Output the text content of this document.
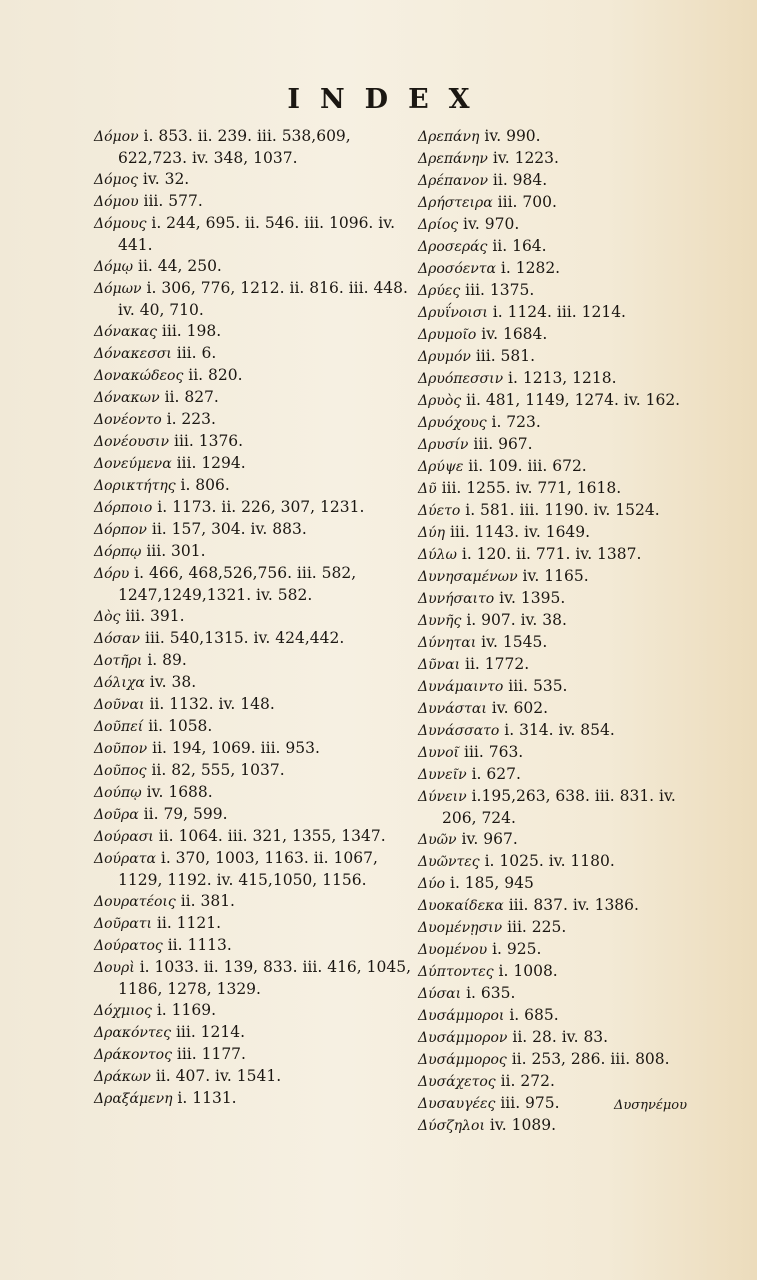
INDEX
Δόμον i. 853. ii. 239. iii. 538,609, 622,723. iv. 348, 1037.
Δόμος iv. 32.
Δόμου iii. 577.
Δόμους i. 244, 695. ii. 546. iii. 1096. iv. 441.
Δόμῳ ii. 44, 250.
Δόμων i. 306, 776, 1212. ii. 816. iii. 448. iv. 40, 710.
Δόνακας iii. 198.
Δόνακεσσι iii. 6.
Δονακώδεος ii. 820.
Δόνακων ii. 827.
Δονέοντο i. 223.
Δονέουσιν iii. 1376.
Δονεύμενα iii. 1294.
Δορικτήτης i. 806.
Δόρποιο i. 1173. ii. 226, 307, 1231.
Δόρπον ii. 157, 304. iv. 883.
Δόρπῳ iii. 301.
Δόρυ i. 466, 468,526,756. iii. 582, 1247,1249,1321. iv. 582.
Δὸς iii. 391.
Δόσαν iii. 540,1315. iv. 424,442.
Δοτῆρι i. 89.
Δόλιχα iv. 38.
Δοῦναι ii. 1132. iv. 148.
Δοῦπεί ii. 1058.
Δοῦπον ii. 194, 1069. iii. 953.
Δοῦπος ii. 82, 555, 1037.
Δούπῳ iv. 1688.
Δοῦρα ii. 79, 599.
Δούρασι ii. 1064. iii. 321, 1355, 1347.
Δούρατα i. 370, 1003, 1163. ii. 1067, 1129, 1192. iv. 415,1050, 1156.
Δουρατέοις ii. 381.
Δοῦρατι ii. 1121.
Δούρατος ii. 1113.
Δουρὶ i. 1033. ii. 139, 833. iii. 416, 1045, 1186, 1278, 1329.
Δόχμιος i. 1169.
Δρακόντες iii. 1214.
Δράκοντος iii. 1177.
Δράκων ii. 407. iv. 1541.
Δραξάμενη i. 1131.
Δρεπάνη iv. 990.
Δρεπάνην iv. 1223.
Δρέπανον ii. 984.
Δρήστειρα iii. 700.
Δρίος iv. 970.
Δροσεράς ii. 164.
Δροσόεντα i. 1282.
Δρύες iii. 1375.
Δρυΐνοισι i. 1124. iii. 1214.
Δρυμοῖο iv. 1684.
Δρυμόν iii. 581.
Δρυόπεσσιν i. 1213, 1218.
Δρυὸς ii. 481, 1149, 1274. iv. 162.
Δρυόχους i. 723.
Δρυσίν iii. 967.
Δρύψε ii. 109. iii. 672.
Δῦ iii. 1255. iv. 771, 1618.
Δύετο i. 581. iii. 1190. iv. 1524.
Δύη iii. 1143. iv. 1649.
Δύλω i. 120. ii. 771. iv. 1387.
Δυνησαμένων iv. 1165.
Δυνήσαιτο iv. 1395.
Δυνῆς i. 907. iv. 38.
Δύνηται iv. 1545.
Δῦναι ii. 1772.
Δυνάμαιντο iii. 535.
Δυνάσται iv. 602.
Δυνάσσατο i. 314. iv. 854.
Δυνοῖ iii. 763.
Δυνεῖν i. 627.
Δύνειν i.195,263, 638. iii. 831. iv. 206, 724.
Δυῶν iv. 967.
Δυῶντες i. 1025. iv. 1180.
Δύο i. 185, 945
Δυοκαίδεκα iii. 837. iv. 1386.
Δυομένῃσιν iii. 225.
Δυομένου i. 925.
Δύπτοντες i. 1008.
Δύσαι i. 635.
Δυσάμμοροι i. 685.
Δυσάμμορον ii. 28. iv. 83.
Δυσάμμορος ii. 253, 286. iii. 808.
Δυσάχετος ii. 272.
Δυσαυγέες iii. 975.
Δύσζηλοι iv. 1089.
Δυσηνέμου
